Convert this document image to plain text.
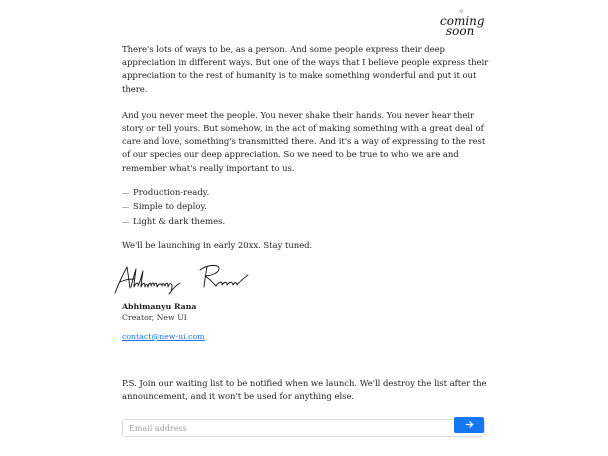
✧
coming
soon

There's lots of ways to be, as a person. And some people express their deep appreciation in different ways. But one of the ways that I believe people express their appreciation to the rest of humanity is to make something wonderful and put it out there.

And you never meet the people. You never shake their hands. You never hear their story or tell yours. But somehow, in the act of making something with a great deal of care and love, something's transmitted there. And it's a way of expressing to the rest of our species our deep appreciation. So we need to be true to who we are and remember what's really important to us.

Production-ready.
Simple to deploy.
Light & dark themes.

We'll be launching in early 20xx. Stay tuned.

Abhimanyu Rana
Creator, New UI
contact@new-ui.com

P.S. Join our waiting list to be notified when we launch. We'll destroy the list after the announcement, and it won't be used for anything else.

Email address
